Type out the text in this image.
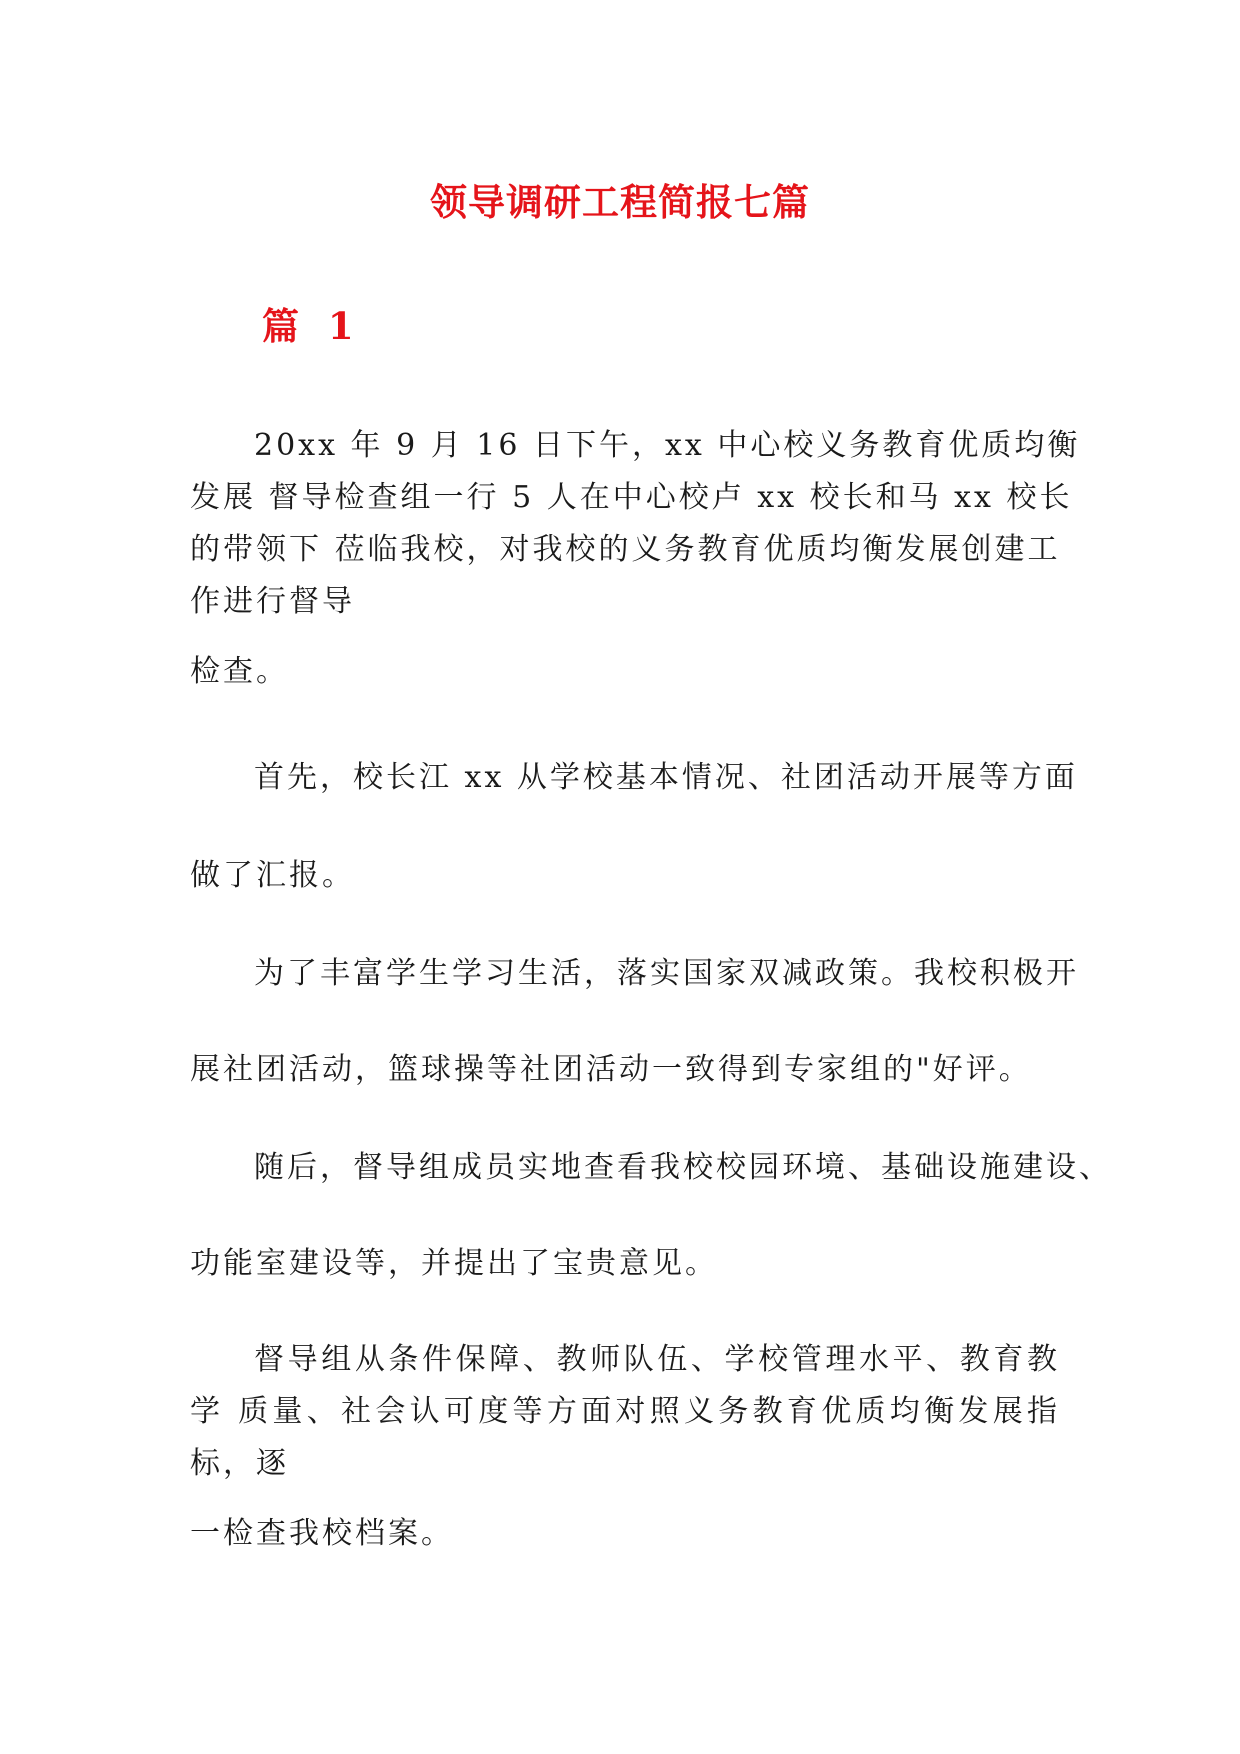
领导调研工程简报七篇
篇 1
20xx 年 9 月 16 日下午，xx 中心校义务教育优质均衡
发展 督导检查组一行 5 人在中心校卢 xx 校长和马 xx 校长
的带领下 莅临我校，对我校的义务教育优质均衡发展创建工
作进行督导
检查。
首先，校长江 xx 从学校基本情况、社团活动开展等方面
做了汇报。
为了丰富学生学习生活，落实国家双减政策。我校积极开
展社团活动，篮球操等社团活动一致得到专家组的"好评。
随后，督导组成员实地查看我校校园环境、基础设施建设、
功能室建设等，并提出了宝贵意见。
督导组从条件保障、教师队伍、学校管理水平、教育教
学 质量、社会认可度等方面对照义务教育优质均衡发展指
标，逐
一检查我校档案。
